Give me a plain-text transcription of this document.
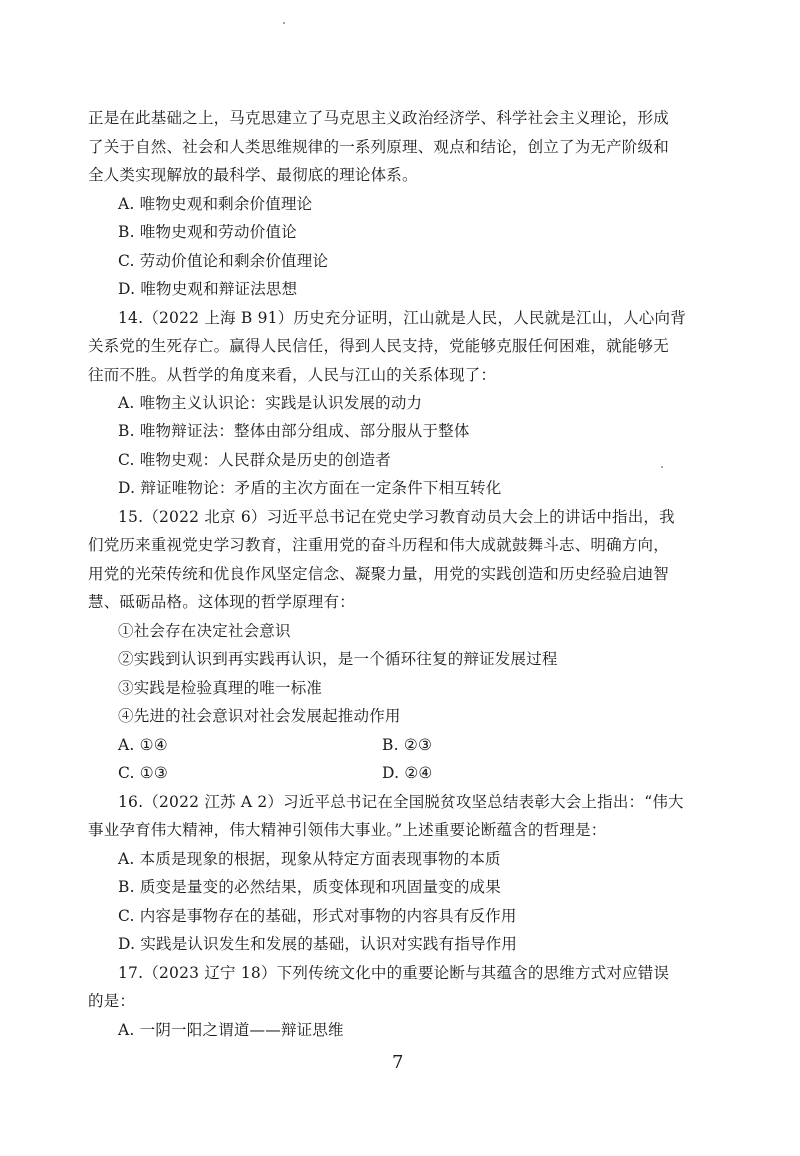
正是在此基础之上，马克思建立了马克思主义政治经济学、科学社会主义理论，形成
了关于自然、社会和人类思维规律的一系列原理、观点和结论，创立了为无产阶级和
全人类实现解放的最科学、最彻底的理论体系。
A. 唯物史观和剩余价值理论
B. 唯物史观和劳动价值论
C. 劳动价值论和剩余价值理论
D. 唯物史观和辩证法思想
14.（2022 上海 B 91）历史充分证明，江山就是人民，人民就是江山，人心向背
关系党的生死存亡。赢得人民信任，得到人民支持，党能够克服任何困难，就能够无
往而不胜。从哲学的角度来看，人民与江山的关系体现了：
A. 唯物主义认识论：实践是认识发展的动力
B. 唯物辩证法：整体由部分组成、部分服从于整体
C. 唯物史观：人民群众是历史的创造者
D. 辩证唯物论：矛盾的主次方面在一定条件下相互转化
15.（2022 北京 6）习近平总书记在党史学习教育动员大会上的讲话中指出，我
们党历来重视党史学习教育，注重用党的奋斗历程和伟大成就鼓舞斗志、明确方向，
用党的光荣传统和优良作风坚定信念、凝聚力量，用党的实践创造和历史经验启迪智
慧、砥砺品格。这体现的哲学原理有：
①社会存在决定社会意识
②实践到认识到再实践再认识，是一个循环往复的辩证发展过程
③实践是检验真理的唯一标准
④先进的社会意识对社会发展起推动作用
A. ①④	B. ②③
C. ①③	D. ②④
16.（2022 江苏 A 2）习近平总书记在全国脱贫攻坚总结表彰大会上指出：“伟大
事业孕育伟大精神，伟大精神引领伟大事业。”上述重要论断蕴含的哲理是：
A. 本质是现象的根据，现象从特定方面表现事物的本质
B. 质变是量变的必然结果，质变体现和巩固量变的成果
C. 内容是事物存在的基础，形式对事物的内容具有反作用
D. 实践是认识发生和发展的基础，认识对实践有指导作用
17.（2023 辽宁 18）下列传统文化中的重要论断与其蕴含的思维方式对应错误
的是：
A. 一阴一阳之谓道——辩证思维
7
